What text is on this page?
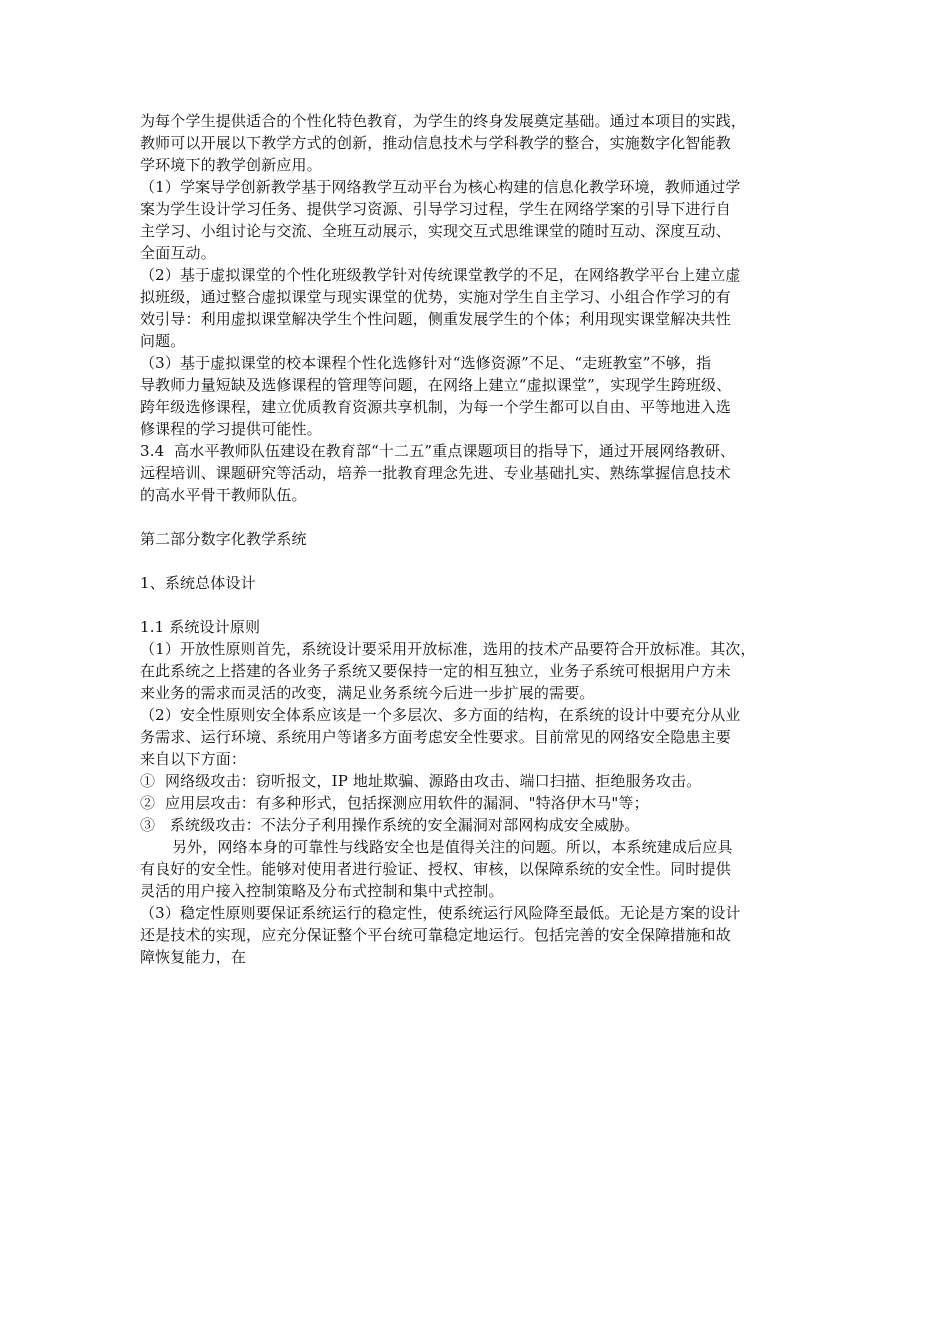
为每个学生提供适合的个性化特色教育，为学生的终身发展奠定基础。通过本项目的实践，

教师可以开展以下教学方式的创新，推动信息技术与学科教学的整合，实施数字化智能教

学环境下的教学创新应用。

（1）学案导学创新教学基于网络教学互动平台为核心构建的信息化教学环境，教师通过学

案为学生设计学习任务、提供学习资源、引导学习过程，学生在网络学案的引导下进行自

主学习、小组讨论与交流、全班互动展示，实现交互式思维课堂的随时互动、深度互动、

全面互动。

（2）基于虚拟课堂的个性化班级教学针对传统课堂教学的不足，在网络教学平台上建立虚

拟班级，通过整合虚拟课堂与现实课堂的优势，实施对学生自主学习、小组合作学习的有

效引导：利用虚拟课堂解决学生个性问题，侧重发展学生的个体；利用现实课堂解决共性

问题。

（3）基于虚拟课堂的校本课程个性化选修针对“选修资源”不足、“走班教室”不够，指

导教师力量短缺及选修课程的管理等问题，在网络上建立“虚拟课堂”，实现学生跨班级、

跨年级选修课程，建立优质教育资源共享机制，为每一个学生都可以自由、平等地进入选

修课程的学习提供可能性。

3.4  高水平教师队伍建设在教育部“十二五”重点课题项目的指导下，通过开展网络教研、

远程培训、课题研究等活动，培养一批教育理念先进、专业基础扎实、熟练掌握信息技术

的高水平骨干教师队伍。

第二部分数字化教学系统

1、系统总体设计

1.1 系统设计原则

（1）开放性原则首先，系统设计要采用开放标准，选用的技术产品要符合开放标准。其次，

在此系统之上搭建的各业务子系统又要保持一定的相互独立，业务子系统可根据用户方未

来业务的需求而灵活的改变，满足业务系统今后进一步扩展的需要。

（2）安全性原则安全体系应该是一个多层次、多方面的结构，在系统的设计中要充分从业

务需求、运行环境、系统用户等诸多方面考虑安全性要求。目前常见的网络安全隐患主要

来自以下方面：

①  网络级攻击：窃听报文，IP 地址欺骗、源路由攻击、端口扫描、拒绝服务攻击。

②  应用层攻击：有多种形式，包括探测应用软件的漏洞、"特洛伊木马"等；

③   系统级攻击：不法分子利用操作系统的安全漏洞对部网构成安全威胁。

另外，网络本身的可靠性与线路安全也是值得关注的问题。所以，本系统建成后应具

有良好的安全性。能够对使用者进行验证、授权、审核，以保障系统的安全性。同时提供

灵活的用户接入控制策略及分布式控制和集中式控制。

（3）稳定性原则要保证系统运行的稳定性，使系统运行风险降至最低。无论是方案的设计

还是技术的实现，应充分保证整个平台统可靠稳定地运行。包括完善的安全保障措施和故

障恢复能力，在
